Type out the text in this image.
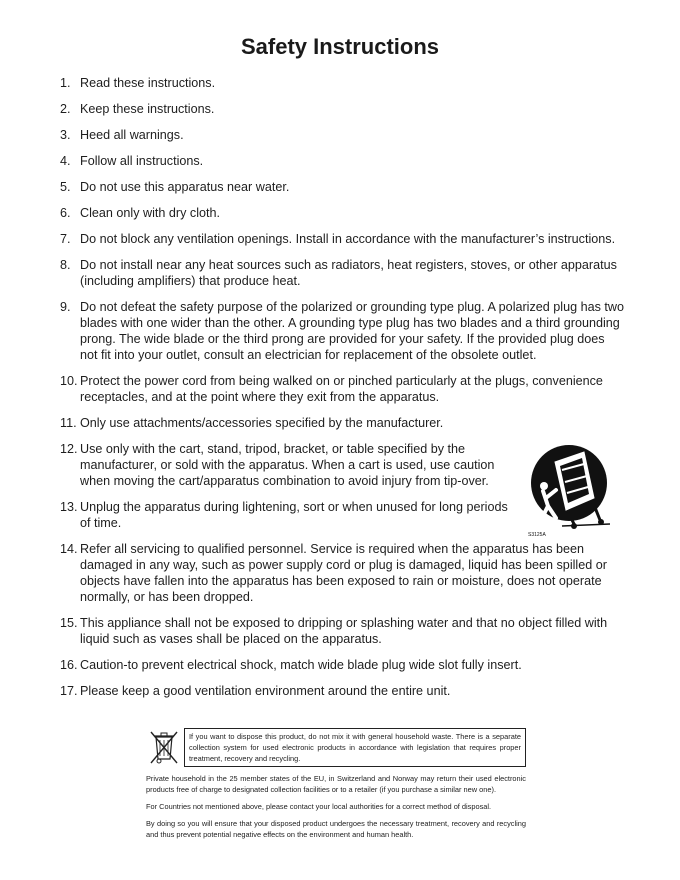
Safety Instructions
1. Read these instructions.
2. Keep these instructions.
3. Heed all warnings.
4. Follow all instructions.
5. Do not use this apparatus near water.
6. Clean only with dry cloth.
7. Do not block any ventilation openings. Install in accordance with the manufacturer’s instructions.
8. Do not install near any heat sources such as radiators, heat registers, stoves, or other apparatus (including amplifiers) that produce heat.
9. Do not defeat the safety purpose of the polarized or grounding type plug. A polarized plug has two blades with one wider than the other. A grounding type plug has two blades and a third grounding prong. The wide blade or the third prong are provided for your safety. If the provided plug does not fit into your outlet, consult an electrician for replacement of the obsolete outlet.
10. Protect the power cord from being walked on or pinched particularly at the plugs, convenience receptacles, and at the point where they exit from the apparatus.
11. Only use attachments/accessories specified by the manufacturer.
12. Use only with the cart, stand, tripod, bracket, or table specified by the manufacturer, or sold with the apparatus. When a cart is used, use caution when moving the cart/apparatus combination to avoid injury from tip-over.
13. Unplug the apparatus during lightening, sort or when unused for long periods of time.
14. Refer all servicing to qualified personnel. Service is required when the apparatus has been damaged in any way, such as power supply cord or plug is damaged, liquid has been spilled or objects have fallen into the apparatus has been exposed to rain or moisture, does not operate normally, or has been dropped.
15. This appliance shall not be exposed to dripping or splashing water and that no object filled with liquid such as vases shall be placed on the apparatus.
16. Caution-to prevent electrical shock, match wide blade plug wide slot fully insert.
17. Please keep a good ventilation environment around the entire unit.
S3125A
If you want to dispose this product, do not mix it with general household waste. There is a separate collection system for used electronic products in accordance with legislation that requires proper treatment, recovery and recycling.

Private household in the 25 member states of the EU, in Switzerland and Norway may return their used electronic products free of charge to designated collection facilities or to a retailer (if you purchase a similar new one).

For Countries not mentioned above, please contact your local authorities for a correct method of disposal.

By doing so you will ensure that your disposed product undergoes the necessary treatment, recovery and recycling and thus prevent potential negative effects on the environment and human health.
